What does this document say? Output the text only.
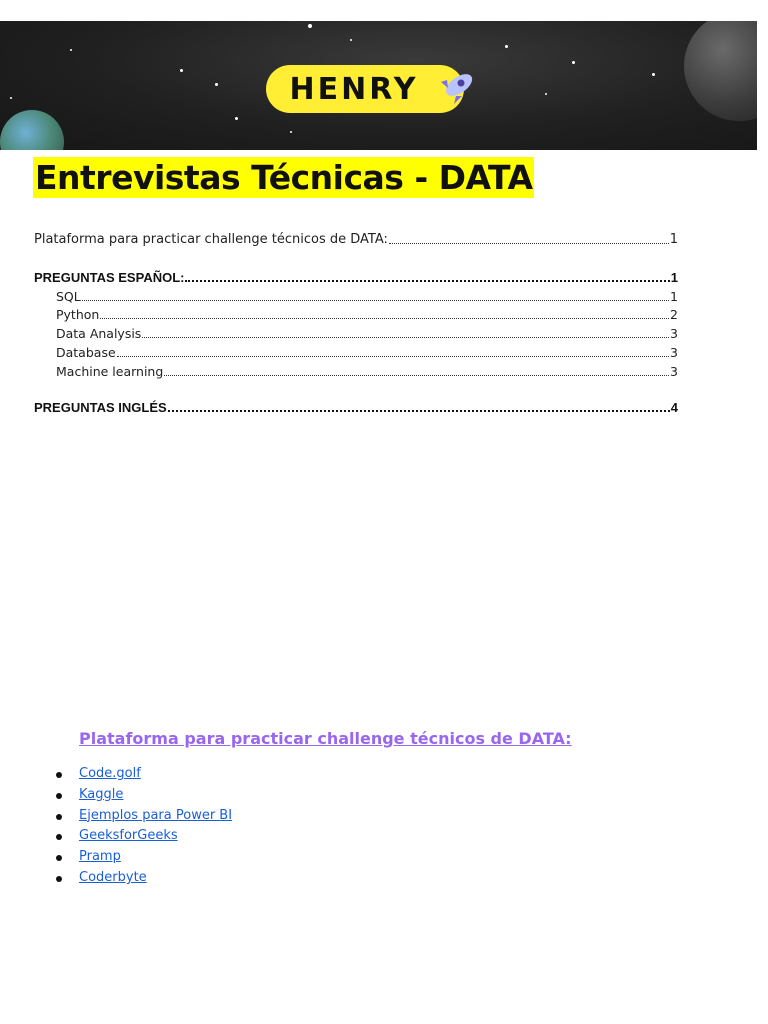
HENRY
Entrevistas Técnicas - DATA
Plataforma para practicar challenge técnicos de DATA:	1
PREGUNTAS ESPAÑOL:	1
SQL	1
Python	2
Data Analysis	3
Database	3
Machine learning	3
PREGUNTAS INGLÉS	4
Plataforma para practicar challenge técnicos de DATA:
Code.golf
Kaggle
Ejemplos para Power BI
GeeksforGeeks
Pramp
Coderbyte
